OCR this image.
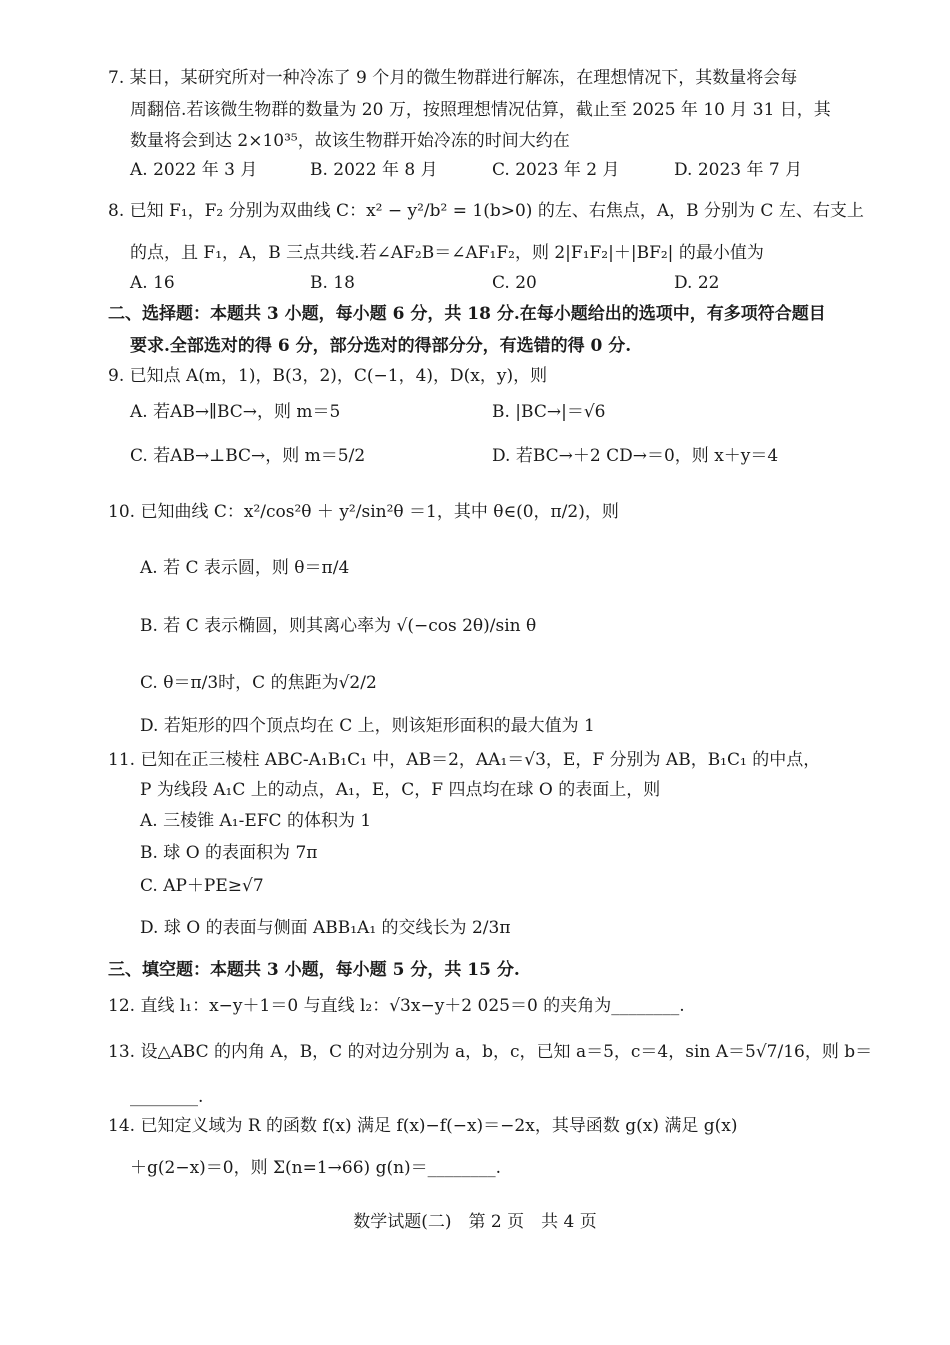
7. 某日，某研究所对一种冷冻了 9 个月的微生物群进行解冻，在理想情况下，其数量将会每
周翻倍.若该微生物群的数量为 20 万，按照理想情况估算，截止至 2025 年 10 月 31 日，其
数量将会到达 2×10³⁵，故该生物群开始冷冻的时间大约在
A. 2022 年 3 月	B. 2022 年 8 月	C. 2023 年 2 月	D. 2023 年 7 月
8. 已知 F₁，F₂ 分别为双曲线 C：x² − y²/b² = 1(b>0) 的左、右焦点，A，B 分别为 C 左、右支上
的点，且 F₁，A，B 三点共线.若∠AF₂B＝∠AF₁F₂，则 2|F₁F₂|＋|BF₂| 的最小值为
A. 16	B. 18	C. 20	D. 22
二、选择题：本题共 3 小题，每小题 6 分，共 18 分.在每小题给出的选项中，有多项符合题目
要求.全部选对的得 6 分，部分选对的得部分分，有选错的得 0 分.
9. 已知点 A(m，1)，B(3，2)，C(−1，4)，D(x，y)，则
A. 若AB→∥BC→，则 m＝5	B. |BC→|＝√6
C. 若AB→⊥BC→，则 m＝5/2	D. 若BC→＋2 CD→＝0，则 x＋y＝4
10. 已知曲线 C：x²/cos²θ ＋ y²/sin²θ ＝1，其中 θ∈(0，π/2)，则
A. 若 C 表示圆，则 θ＝π/4
B. 若 C 表示椭圆，则其离心率为 √(−cos 2θ)/sin θ
C. θ＝π/3时，C 的焦距为√2/2
D. 若矩形的四个顶点均在 C 上，则该矩形面积的最大值为 1
11. 已知在正三棱柱 ABC-A₁B₁C₁ 中，AB＝2，AA₁＝√3，E，F 分别为 AB，B₁C₁ 的中点，
P 为线段 A₁C 上的动点，A₁，E，C，F 四点均在球 O 的表面上，则
A. 三棱锥 A₁-EFC 的体积为 1
B. 球 O 的表面积为 7π
C. AP＋PE≥√7
D. 球 O 的表面与侧面 ABB₁A₁ 的交线长为 2/3π
三、填空题：本题共 3 小题，每小题 5 分，共 15 分.
12. 直线 l₁：x−y＋1＝0 与直线 l₂：√3x−y＋2 025＝0 的夹角为________.
13. 设△ABC 的内角 A，B，C 的对边分别为 a，b，c，已知 a＝5，c＝4，sin A＝5√7/16，则 b＝
________.
14. 已知定义域为 R 的函数 f(x) 满足 f(x)−f(−x)＝−2x，其导函数 g(x) 满足 g(x)
＋g(2−x)＝0，则 Σ(n=1→66) g(n)＝________.
数学试题(二)　第 2 页　共 4 页
